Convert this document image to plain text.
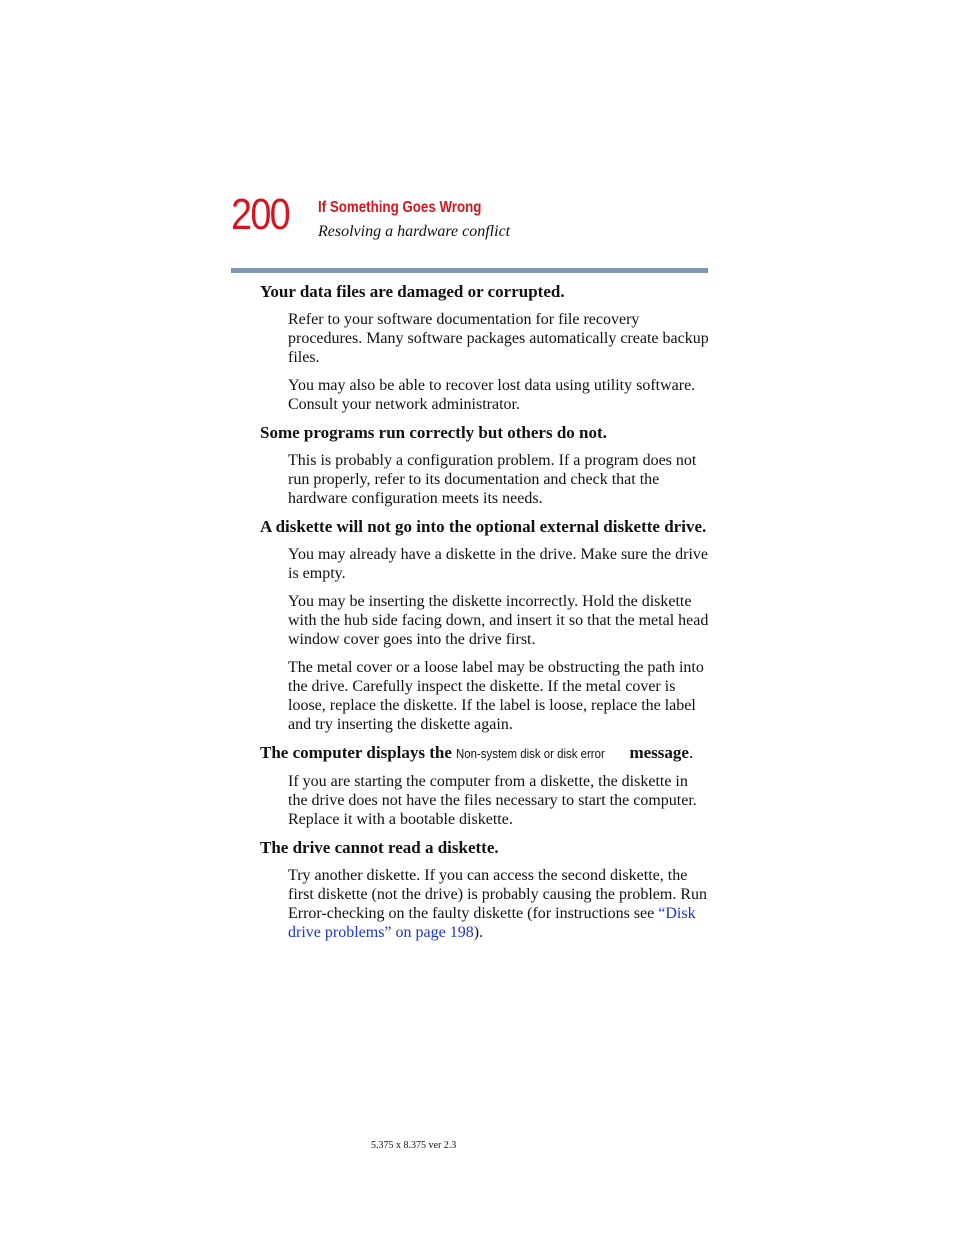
200 If Something Goes Wrong
Resolving a hardware conflict
Your data files are damaged or corrupted.

Refer to your software documentation for file recovery procedures. Many software packages automatically create backup files.

You may also be able to recover lost data using utility software. Consult your network administrator.

Some programs run correctly but others do not.

This is probably a configuration problem. If a program does not run properly, refer to its documentation and check that the hardware configuration meets its needs.

A diskette will not go into the optional external diskette drive.

You may already have a diskette in the drive. Make sure the drive is empty.

You may be inserting the diskette incorrectly. Hold the diskette with the hub side facing down, and insert it so that the metal head window cover goes into the drive first.

The metal cover or a loose label may be obstructing the path into the drive. Carefully inspect the diskette. If the metal cover is loose, replace the diskette. If the label is loose, replace the label and try inserting the diskette again.

The computer displays the Non-system disk or disk error message.

If you are starting the computer from a diskette, the diskette in the drive does not have the files necessary to start the computer. Replace it with a bootable diskette.

The drive cannot read a diskette.

Try another diskette. If you can access the second diskette, the first diskette (not the drive) is probably causing the problem. Run Error-checking on the faulty diskette (for instructions see “Disk drive problems” on page 198).

5.375 x 8.375 ver 2.3
